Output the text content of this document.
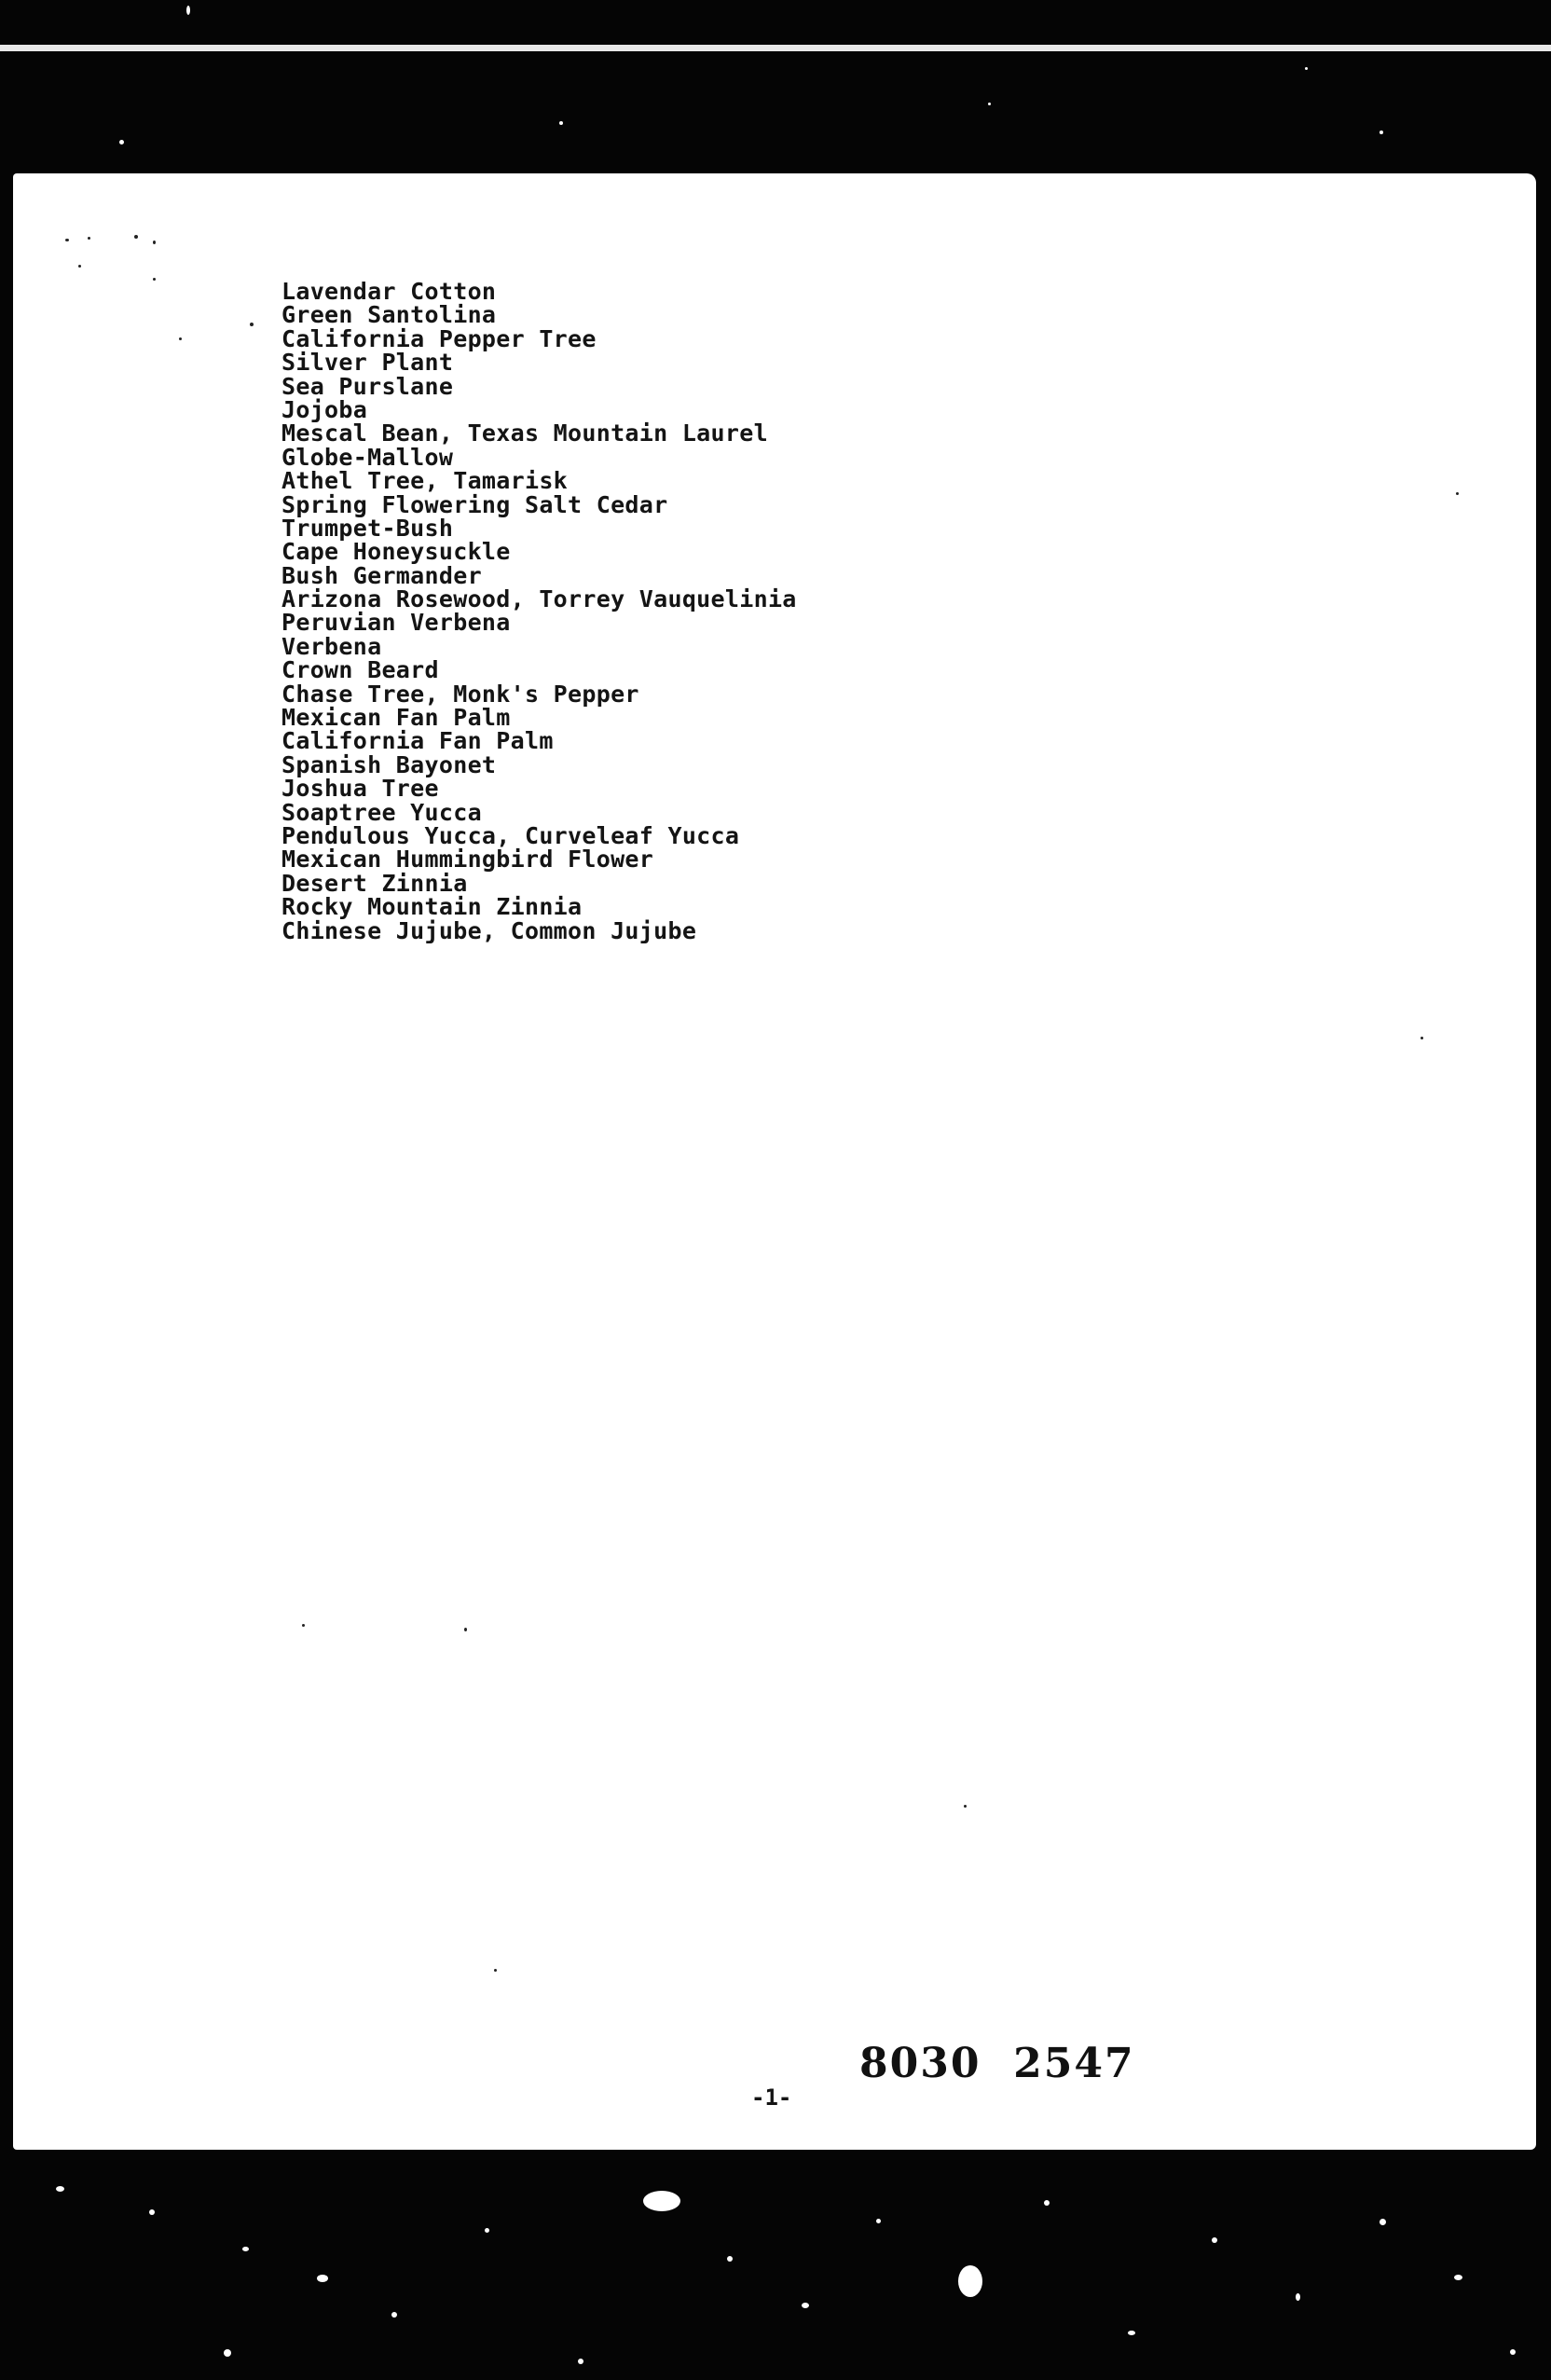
Lavendar Cotton
Green Santolina
California Pepper Tree
Silver Plant
Sea Purslane
Jojoba
Mescal Bean, Texas Mountain Laurel
Globe-Mallow
Athel Tree, Tamarisk
Spring Flowering Salt Cedar
Trumpet-Bush
Cape Honeysuckle
Bush Germander
Arizona Rosewood, Torrey Vauquelinia
Peruvian Verbena
Verbena
Crown Beard
Chase Tree, Monk's Pepper
Mexican Fan Palm
California Fan Palm
Spanish Bayonet
Joshua Tree
Soaptree Yucca
Pendulous Yucca, Curveleaf Yucca
Mexican Hummingbird Flower
Desert Zinnia
Rocky Mountain Zinnia
Chinese Jujube, Common Jujube
-1-
8030  2547
